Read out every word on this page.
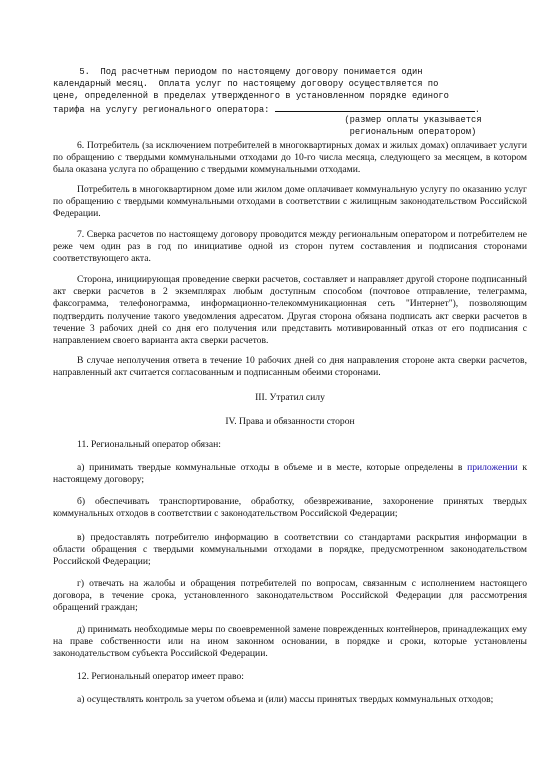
5.  Под расчетным периодом по настоящему договору понимается один
календарный месяц.  Оплата услуг по настоящему договору осуществляется по
цене, определенной в пределах утвержденного в установленном порядке единого
тарифа на услугу регионального оператора:	.
(размер оплаты указывается
региональным оператором)

6. Потребитель (за исключением потребителей в многоквартирных домах и жилых домах) оплачивает услуги по обращению с твердыми коммунальными отходами до 10-го числа месяца, следующего за месяцем, в котором была оказана услуга по обращению с твердыми коммунальными отходами.

Потребитель в многоквартирном доме или жилом доме оплачивает коммунальную услугу по оказанию услуг по обращению с твердыми коммунальными отходами в соответствии с жилищным законодательством Российской Федерации.

7. Сверка расчетов по настоящему договору проводится между региональным оператором и потребителем не реже чем один раз в год по инициативе одной из сторон путем составления и подписания сторонами соответствующего акта.

Сторона, инициирующая проведение сверки расчетов, составляет и направляет другой стороне подписанный акт сверки расчетов в 2 экземплярах любым доступным способом (почтовое отправление, телеграмма, факсограмма, телефонограмма, информационно-телекоммуникационная сеть "Интернет"), позволяющим подтвердить получение такого уведомления адресатом. Другая сторона обязана подписать акт сверки расчетов в течение 3 рабочих дней со дня его получения или представить мотивированный отказ от его подписания с направлением своего варианта акта сверки расчетов.

В случае неполучения ответа в течение 10 рабочих дней со дня направления стороне акта сверки расчетов, направленный акт считается согласованным и подписанным обеими сторонами.

III. Утратил силу

IV. Права и обязанности сторон

11. Региональный оператор обязан:

а) принимать твердые коммунальные отходы в объеме и в месте, которые определены в приложении к настоящему договору;

б) обеспечивать транспортирование, обработку, обезвреживание, захоронение принятых твердых коммунальных отходов в соответствии с законодательством Российской Федерации;

в) предоставлять потребителю информацию в соответствии со стандартами раскрытия информации в области обращения с твердыми коммунальными отходами в порядке, предусмотренном законодательством Российской Федерации;

г) отвечать на жалобы и обращения потребителей по вопросам, связанным с исполнением настоящего договора, в течение срока, установленного законодательством Российской Федерации для рассмотрения обращений граждан;

д) принимать необходимые меры по своевременной замене поврежденных контейнеров, принадлежащих ему на праве собственности или на ином законном основании, в порядке и сроки, которые установлены законодательством субъекта Российской Федерации.

12. Региональный оператор имеет право:

а) осуществлять контроль за учетом объема и (или) массы принятых твердых коммунальных отходов;
